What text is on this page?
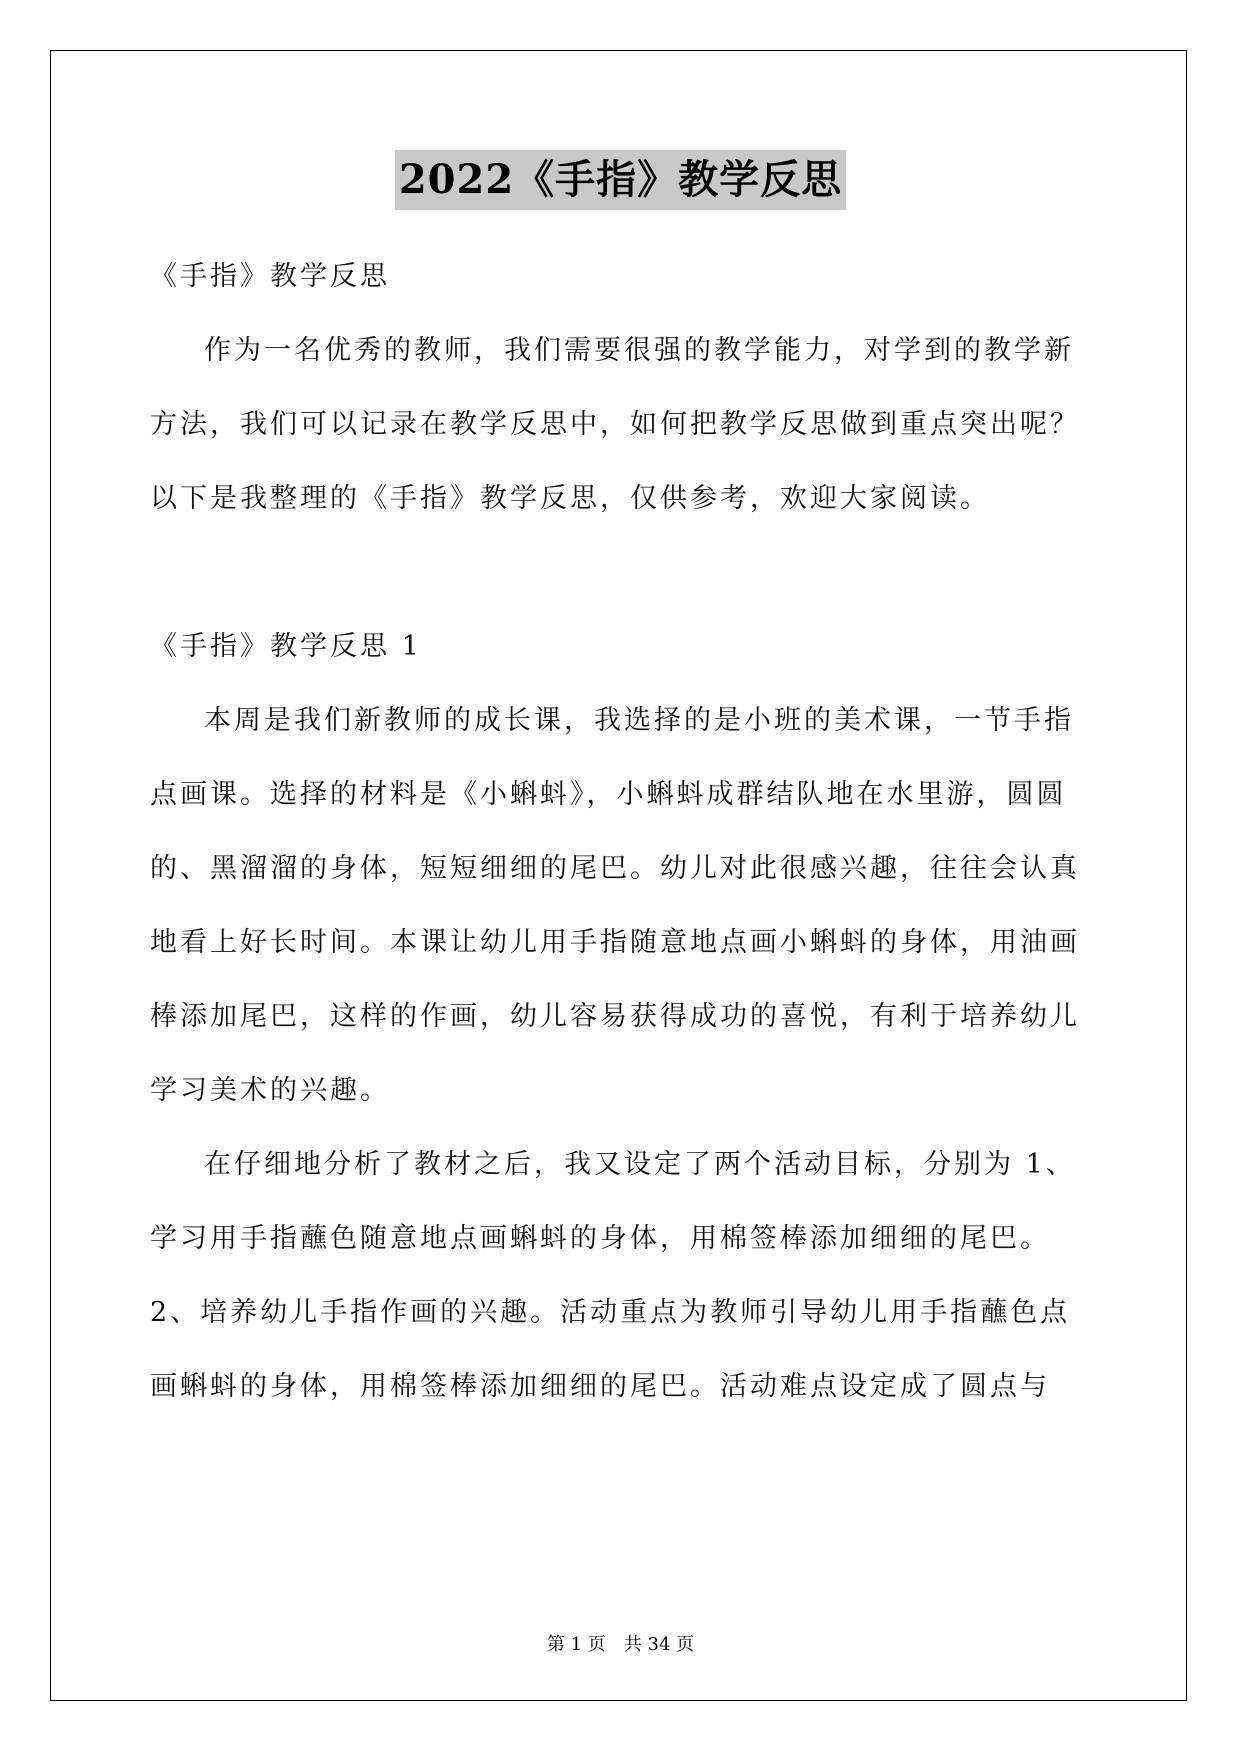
2022《手指》教学反思

《手指》教学反思

作为一名优秀的教师，我们需要很强的教学能力，对学到的教学新方法，我们可以记录在教学反思中，如何把教学反思做到重点突出呢？以下是我整理的《手指》教学反思，仅供参考，欢迎大家阅读。

《手指》教学反思 1

本周是我们新教师的成长课，我选择的是小班的美术课，一节手指点画课。选择的材料是《小蝌蚪》，小蝌蚪成群结队地在水里游，圆圆的、黑溜溜的身体，短短细细的尾巴。幼儿对此很感兴趣，往往会认真地看上好长时间。本课让幼儿用手指随意地点画小蝌蚪的身体，用油画棒添加尾巴，这样的作画，幼儿容易获得成功的喜悦，有利于培养幼儿学习美术的兴趣。

在仔细地分析了教材之后，我又设定了两个活动目标，分别为 1、学习用手指蘸色随意地点画蝌蚪的身体，用棉签棒添加细细的尾巴。2、培养幼儿手指作画的兴趣。活动重点为教师引导幼儿用手指蘸色点画蝌蚪的身体，用棉签棒添加细细的尾巴。活动难点设定成了圆点与

第 1 页　共 34 页
